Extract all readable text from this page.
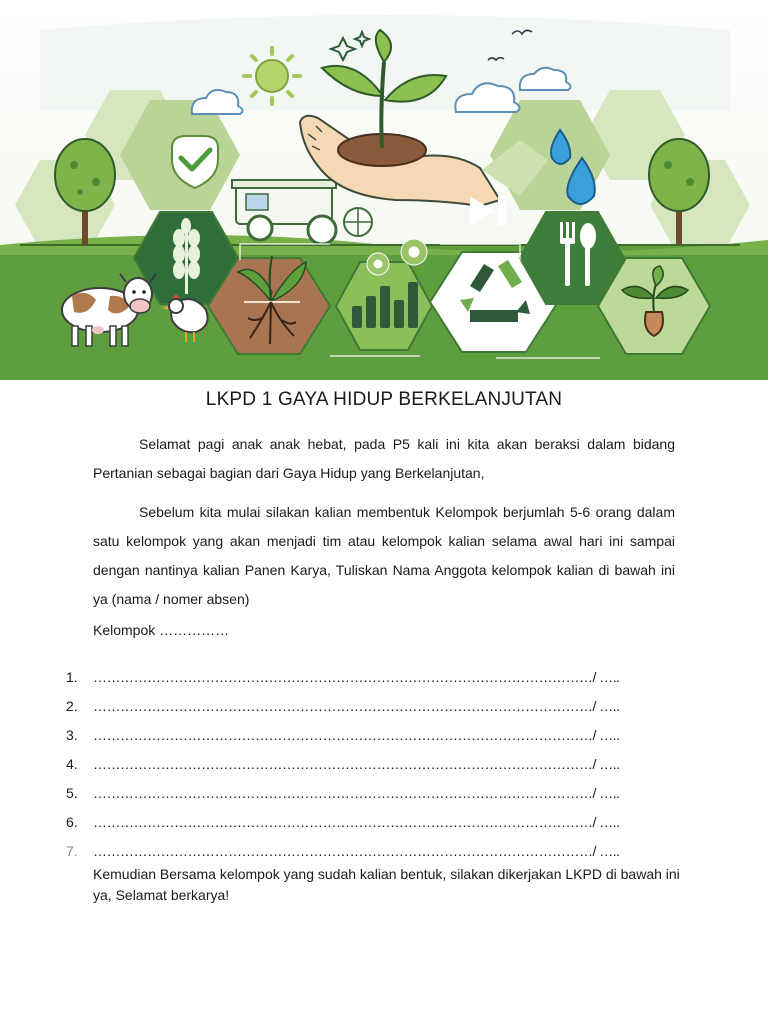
LKPD 1 GAYA HIDUP BERKELANJUTAN

Selamat pagi anak anak hebat, pada P5 kali ini kita akan beraksi dalam bidang Pertanian sebagai bagian dari Gaya Hidup yang Berkelanjutan,

Sebelum kita mulai silakan kalian membentuk Kelompok berjumlah 5-6 orang dalam satu kelompok yang akan menjadi tim atau kelompok kalian selama awal hari ini sampai dengan nantinya kalian Panen Karya, Tuliskan Nama Anggota kelompok kalian di bawah ini ya (nama / nomer absen)

Kelompok ……………

1.	…………………………………………………………………………………………………/ …..
2.	…………………………………………………………………………………………………/ …..
3.	…………………………………………………………………………………………………/ …..
4.	…………………………………………………………………………………………………/ …..
5.	…………………………………………………………………………………………………/ …..
6.	…………………………………………………………………………………………………/ …..
7.	…………………………………………………………………………………………………/ …..

Kemudian Bersama kelompok yang sudah kalian bentuk, silakan dikerjakan LKPD di bawah ini ya, Selamat berkarya!
